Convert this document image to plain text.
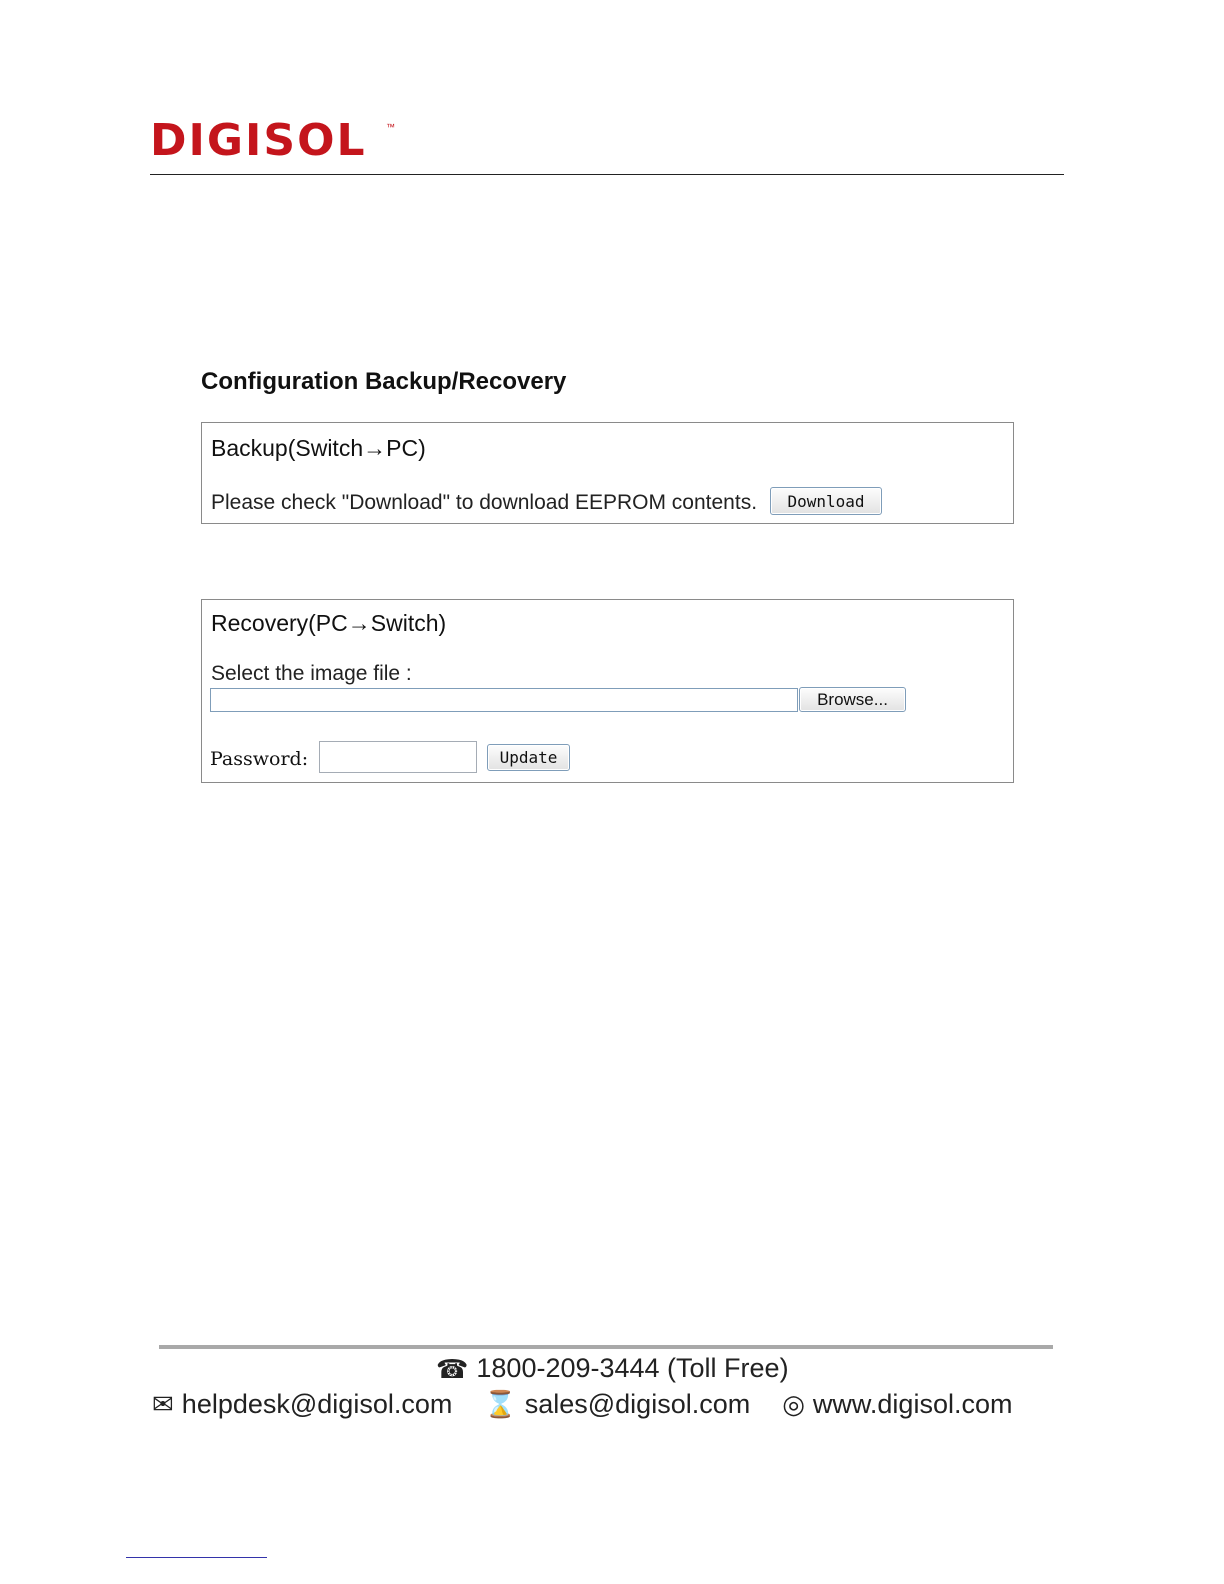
DIGISOL ™
Configuration Backup/Recovery
Backup(Switch→PC)
Please check "Download" to download EEPROM contents.	Download
Recovery(PC→Switch)
Select the image file :
Browse...
Password:	Update
☎ 1800-209-3444 (Toll Free)
✉ helpdesk@digisol.com ⌛ sales@digisol.com ◎ www.digisol.com
